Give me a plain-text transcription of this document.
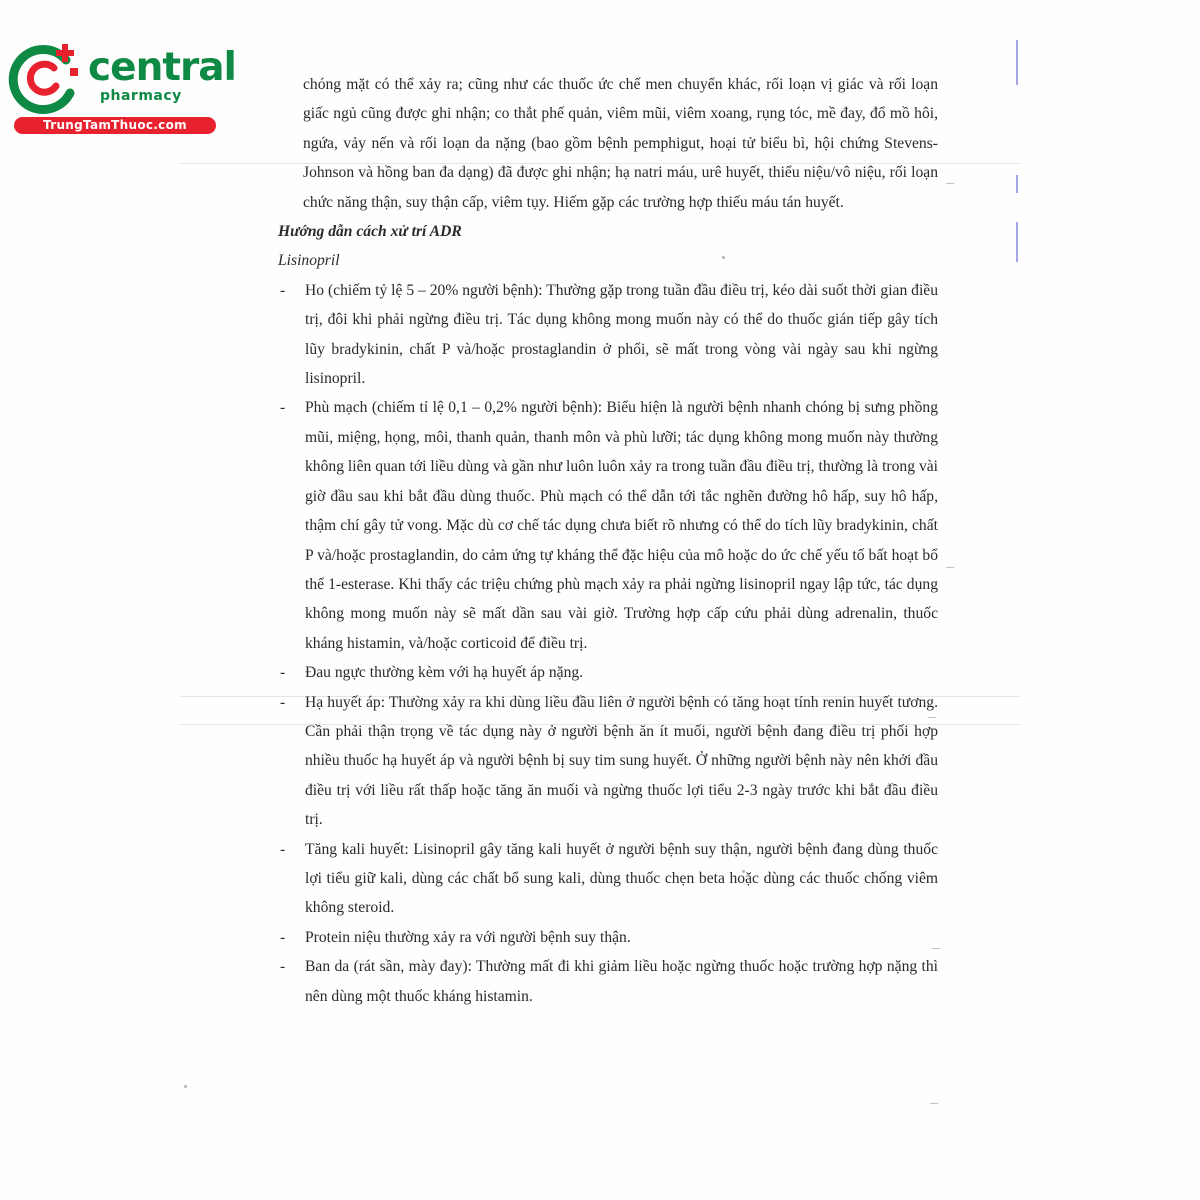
central
pharmacy
TrungTamThuoc.com

chóng mặt có thể xảy ra; cũng như các thuốc ức chế men chuyển khác, rối loạn vị giác và rối loạn giấc ngủ cũng được ghi nhận; co thắt phế quản, viêm mũi, viêm xoang, rụng tóc, mề đay, đổ mồ hôi, ngứa, vảy nến và rối loạn da nặng (bao gồm bệnh pemphigut, hoại tử biểu bì, hội chứng Stevens-Johnson và hồng ban đa dạng) đã được ghi nhận; hạ natri máu, urê huyết, thiểu niệu/vô niệu, rối loạn chức năng thận, suy thận cấp, viêm tụy. Hiếm gặp các trường hợp thiếu máu tán huyết.

Hướng dẫn cách xử trí ADR

Lisinopril

- Ho (chiếm tỷ lệ 5 – 20% người bệnh): Thường gặp trong tuần đầu điều trị, kéo dài suốt thời gian điều trị, đôi khi phải ngừng điều trị. Tác dụng không mong muốn này có thể do thuốc gián tiếp gây tích lũy bradykinin, chất P và/hoặc prostaglandin ở phổi, sẽ mất trong vòng vài ngày sau khi ngừng lisinopril.

- Phù mạch (chiếm tỉ lệ 0,1 – 0,2% người bệnh): Biểu hiện là người bệnh nhanh chóng bị sưng phồng mũi, miệng, họng, môi, thanh quản, thanh môn và phù lưỡi; tác dụng không mong muốn này thường không liên quan tới liều dùng và gần như luôn luôn xảy ra trong tuần đầu điều trị, thường là trong vài giờ đầu sau khi bắt đầu dùng thuốc. Phù mạch có thể dẫn tới tắc nghẽn đường hô hấp, suy hô hấp, thậm chí gây tử vong. Mặc dù cơ chế tác dụng chưa biết rõ nhưng có thể do tích lũy bradykinin, chất P và/hoặc prostaglandin, do cảm ứng tự kháng thể đặc hiệu của mô hoặc do ức chế yếu tố bất hoạt bổ thể 1-esterase. Khi thấy các triệu chứng phù mạch xảy ra phải ngừng lisinopril ngay lập tức, tác dụng không mong muốn này sẽ mất dần sau vài giờ. Trường hợp cấp cứu phải dùng adrenalin, thuốc kháng histamin, và/hoặc corticoid để điều trị.

- Đau ngực thường kèm với hạ huyết áp nặng.

- Hạ huyết áp: Thường xảy ra khi dùng liều đầu liên ở người bệnh có tăng hoạt tính renin huyết tương. Cần phải thận trọng về tác dụng này ở người bệnh ăn ít muối, người bệnh đang điều trị phối hợp nhiều thuốc hạ huyết áp và người bệnh bị suy tim sung huyết. Ở những người bệnh này nên khởi đầu điều trị với liều rất thấp hoặc tăng ăn muối và ngừng thuốc lợi tiểu 2-3 ngày trước khi bắt đầu điều trị.

- Tăng kali huyết: Lisinopril gây tăng kali huyết ở người bệnh suy thận, người bệnh đang dùng thuốc lợi tiểu giữ kali, dùng các chất bổ sung kali, dùng thuốc chẹn beta hoặc dùng các thuốc chống viêm không steroid.

- Protein niệu thường xảy ra với người bệnh suy thận.

- Ban da (rát sần, mày đay): Thường mất đi khi giảm liều hoặc ngừng thuốc hoặc trường hợp nặng thì nên dùng một thuốc kháng histamin.
